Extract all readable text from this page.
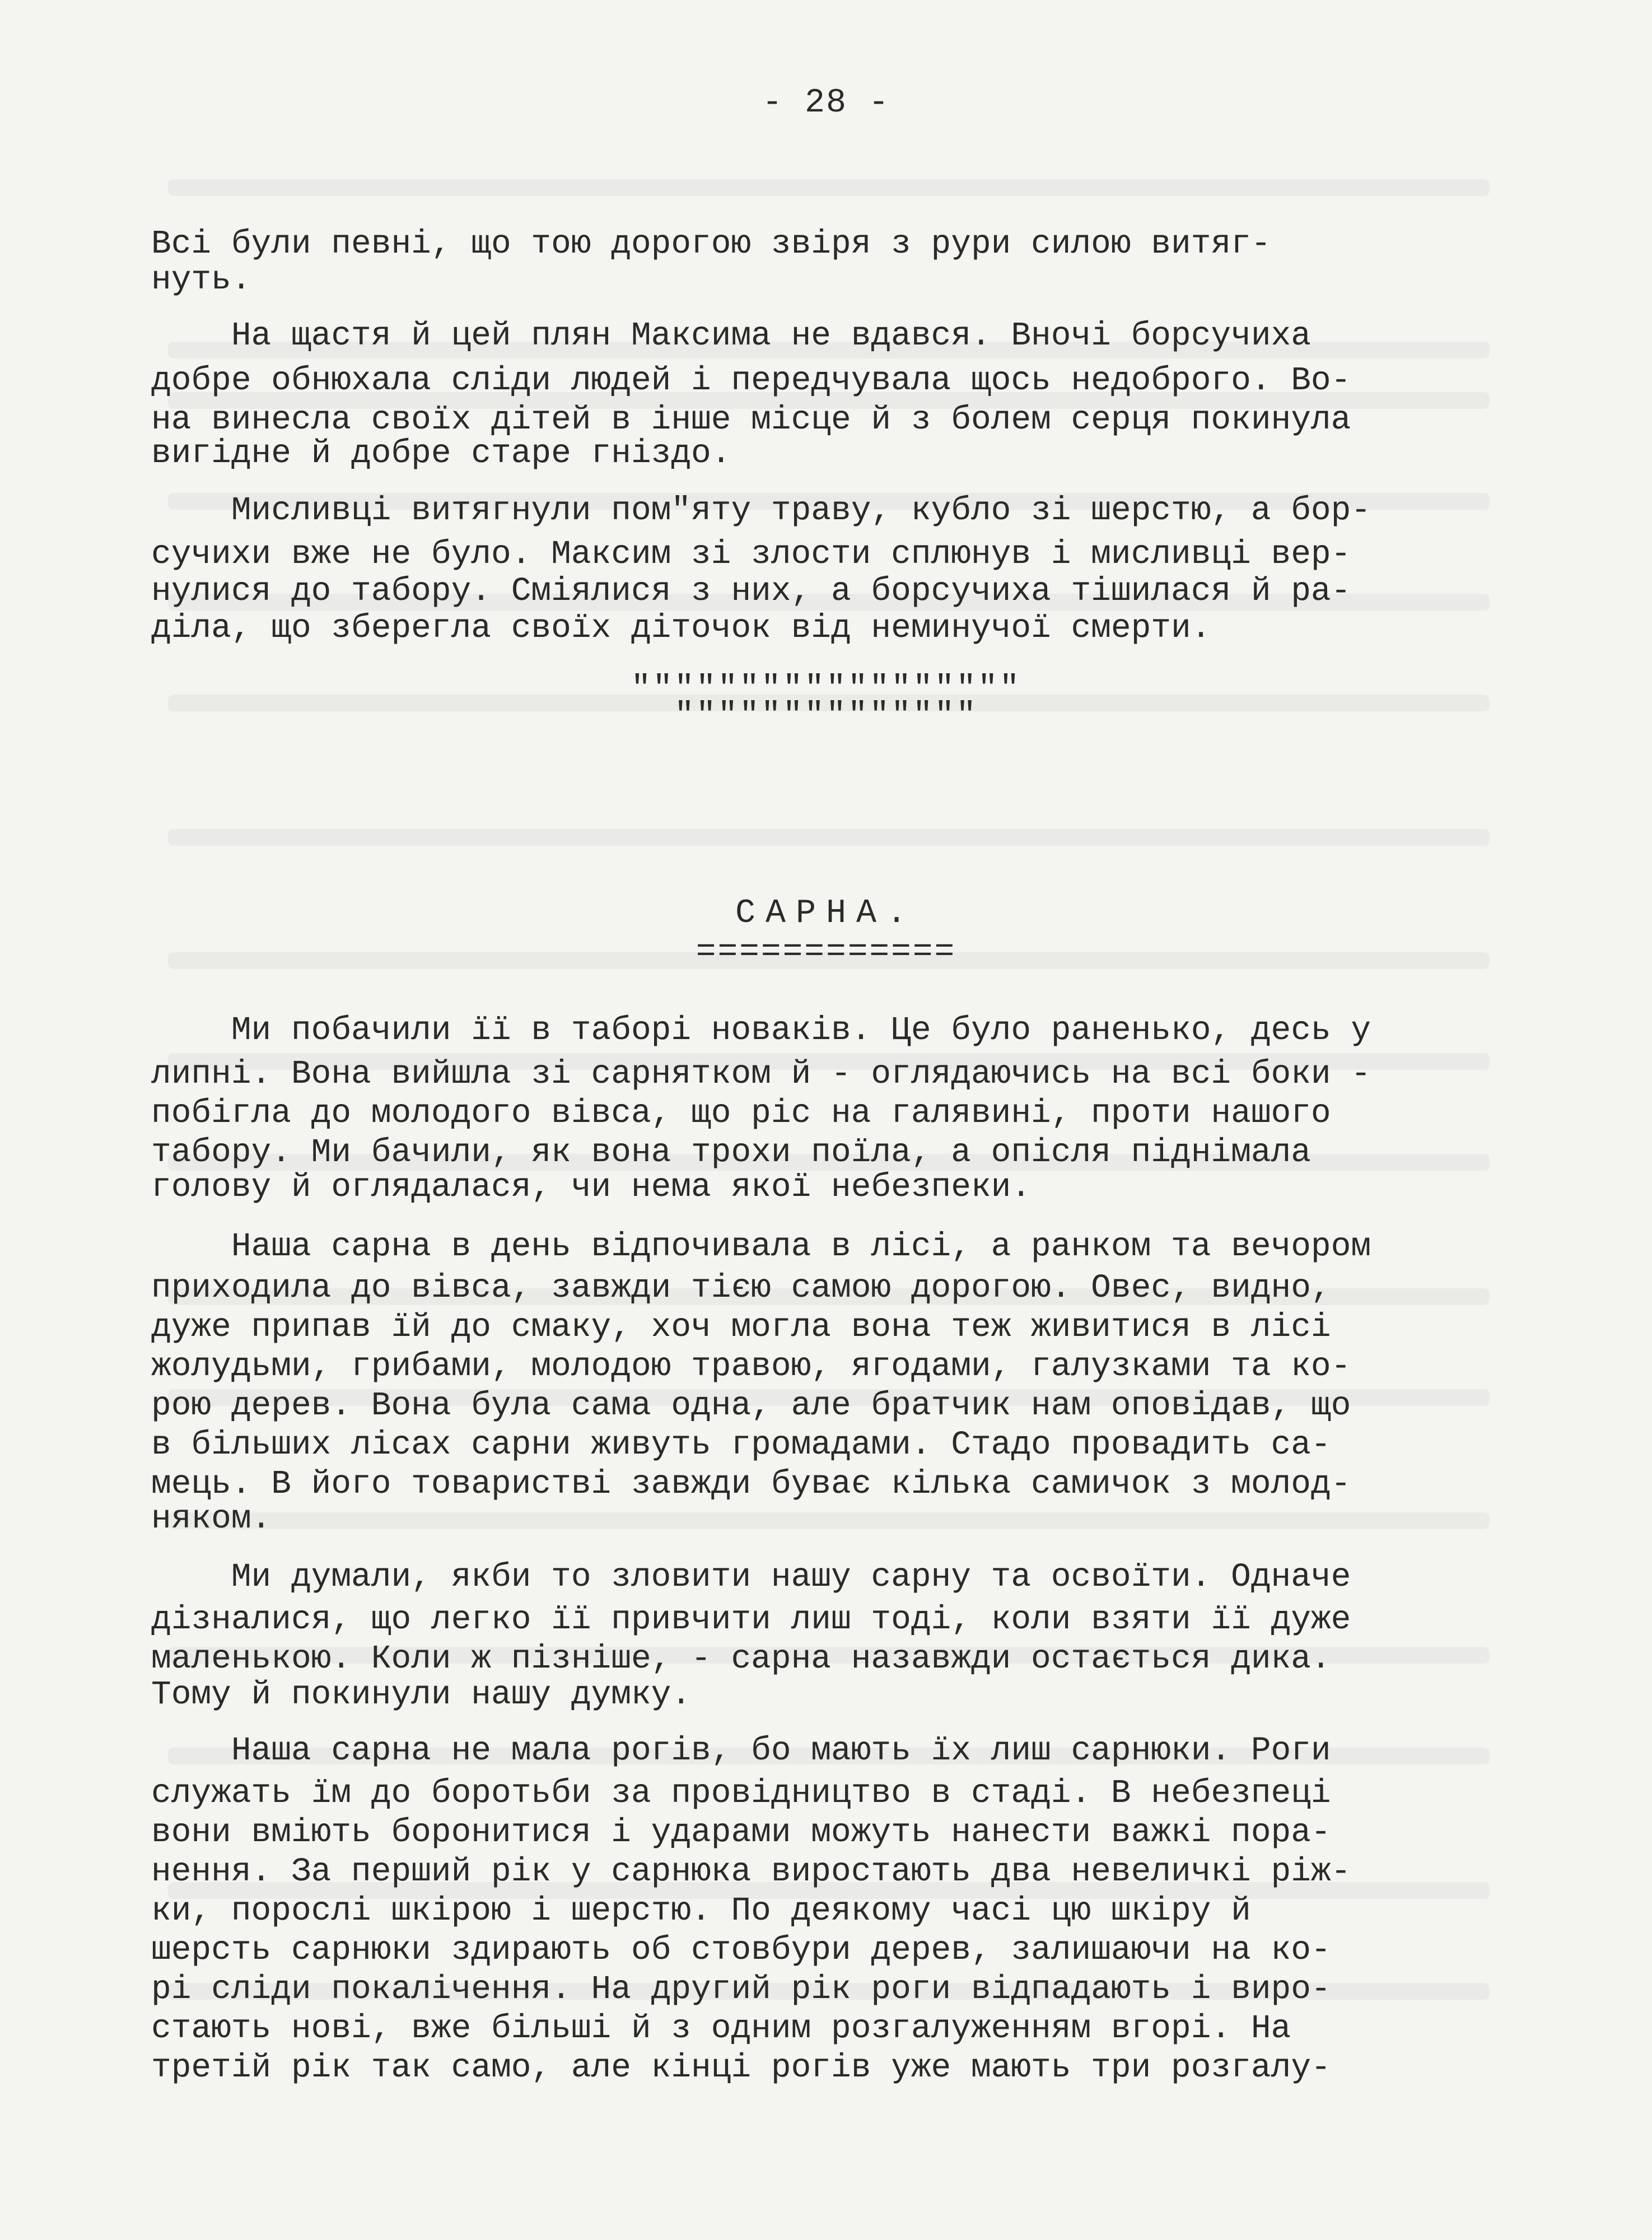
- 28 -
Всі були певні, що тою дорогою звіря з рури силою витяг-
нуть.
На щастя й цей плян Максима не вдався. Вночі борсучиха
добре обнюхала сліди людей і передчувала щось недоброго. Во-
на винесла своїх дітей в інше місце й з болем серця покинула
вигідне й добре старе гніздо.
Мисливці витягнули пом"яту траву, кубло зі шерстю, а бор-
сучихи вже не було. Максим зі злости сплюнув і мисливці вер-
нулися до табору. Сміялися з них, а борсучиха тішилася й ра-
діла, що зберегла своїх діточок від неминучої смерти.
""""""""""""""""""
""""""""""""""
САРНА.
============
Ми побачили її в таборі новаків. Це було раненько, десь у
липні. Вона вийшла зі сарнятком й - оглядаючись на всі боки -
побігла до молодого вівса, що ріс на галявині, проти нашого
табору. Ми бачили, як вона трохи поїла, а опісля піднімала
голову й оглядалася, чи нема якої небезпеки.
Наша сарна в день відпочивала в лісі, а ранком та вечором
приходила до вівса, завжди тією самою дорогою. Овес, видно,
дуже припав їй до смаку, хоч могла вона теж живитися в лісі
жолудьми, грибами, молодою травою, ягодами, галузками та ко-
рою дерев. Вона була сама одна, але братчик нам оповідав, що
в більших лісах сарни живуть громадами. Стадо провадить са-
мець. В його товаристві завжди буває кілька самичок з молод-
няком.
Ми думали, якби то зловити нашу сарну та освоїти. Одначе
дізналися, що легко її привчити лиш тоді, коли взяти її дуже
маленькою. Коли ж пізніше, - сарна назавжди остається дика.
Тому й покинули нашу думку.
Наша сарна не мала рогів, бо мають їх лиш сарнюки. Роги
служать їм до боротьби за провідництво в стаді. В небезпеці
вони вміють боронитися і ударами можуть нанести важкі пора-
нення. За перший рік у сарнюка виростають два невеличкі ріж-
ки, порослі шкірою і шерстю. По деякому часі цю шкіру й
шерсть сарнюки здирають об стовбури дерев, залишаючи на ко-
рі сліди покалічення. На другий рік роги відпадають і виро-
стають нові, вже більші й з одним розгалуженням вгорі. На
третій рік так само, але кінці рогів уже мають три розгалу-
